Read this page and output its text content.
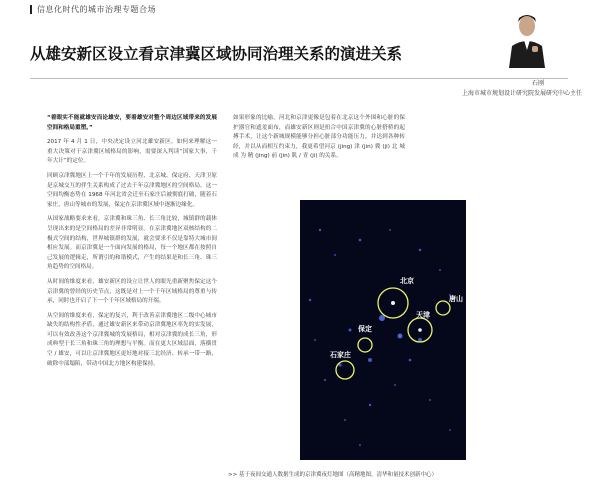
信息化时代的城市治理专题合场
从雄安新区设立看京津冀区域协同治理关系的演进关系
石刚
上海市城市规划设计研究院发展研究中心主任

“着眼实不能就雄安而论雄安，要着雄安对整个周边区域带来的发展空间和格局重塑。”

2017 年 4 月 1 日，中央决定设立河北雄安新区。如何来理解这一重大决策对于京津冀区域格局的影响，需要深入判读“国家大事，千年大计”的定位。

回顾京津冀地区上一个千年的发展历程，北京城、保定府、天津卫原是京城交互的伴生关系构成了过去千年京津冀地区的空间格局。这一空间均衡态势在 1968 年河北省会迁至石家庄后被彻底打破，随着石家庄、唐山等城市的发展，保定在京津冀区域中逐渐边缘化。

从国家战略要求来看，京津冀和珠三角、长三角比较，城镇群的载体呈现出来的是空间格局的差异非常明显。在京津冀地区双核结构的二极式空间的结构，世界城镇群的发展，就会要求不仅是靠特大城市间相应发展。而京津冀是一个面向发展的格局，每一个地区都在按照自己发展的逻辑走，所谓引的和谐模式，产生的结果是和长三角、珠三角趋势的空间格局。

从时间的维度来看，雄安新区的设立让世人的眼光重新聚焦保定这个京津冀的曾经的历史节点，这既是对上一个千年区域格局的尊重与传承，同时也开启了下一个千年区域格局的开端。

从空间的维度来看，保定的复兴，利于改善京津冀地区二级中心城市缺失的结构性矛盾，通过雄安新区来带动京津冀地区率先的实发展，可以有效改善这个京津冀城的发展格局，相对京津冀的成长三角，形成典型于长三角和珠三角的理想与平衡。而在更大区域层面，落横贯空 / 雄安，可以让京津冀地区更好地对接三北经济、转承一带一路，破除中部塌陷，带动中国北方地区构建保持。

如果形象的比喻，河北和京津更像是包着在北京这个外围和心脏的保护器官和遮羞面布，而雄安新区则是扭合中国京津冀的心脏搭桥的起搏手术，让这个新城规模能够分担心脏部分功能压力，并达到各种转经，并以从而相互约束力，我更希望河京 (jing) 津 (jin) 冀 (ji) 北 城 成 为 精 (jing) 前 (jin) 肌 / 青 (ji) 的关系。

北京
唐山
天津
保定
石家庄
>> 基于夜间交通人数据生成的京津冀夜灯地图（高精地图，清华和量技术创新中心）
